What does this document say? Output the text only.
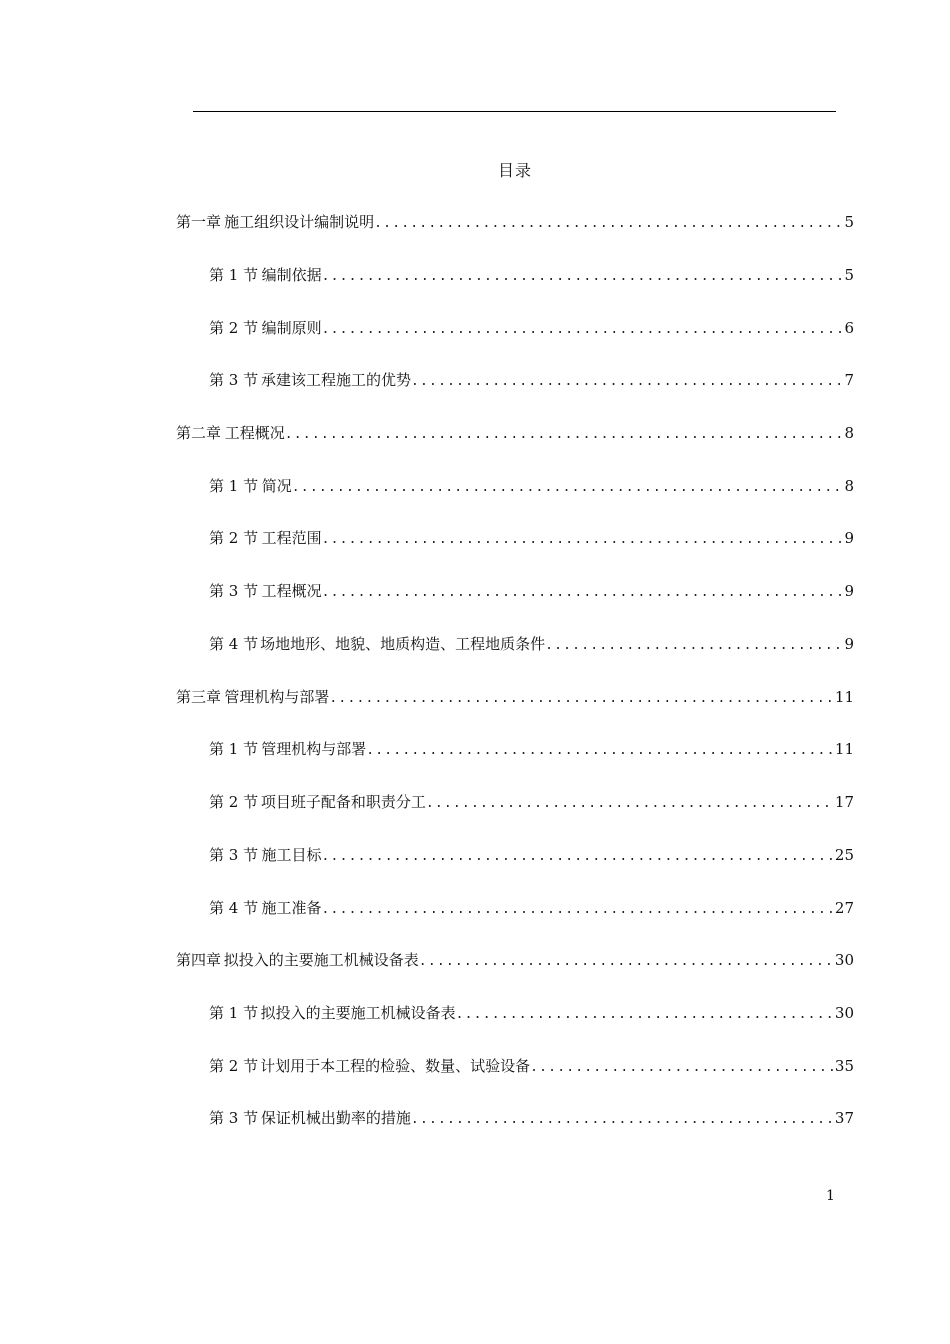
目录
第一章 施工组织设计编制说明 .....	5
第 1 节 编制依据 .....	5
第 2 节 编制原则 .....	6
第 3 节 承建该工程施工的优势 .....	7
第二章 工程概况 .....	8
第 1 节 简况 .....	8
第 2 节 工程范围 .....	9
第 3 节 工程概况 .....	9
第 4 节 场地地形、地貌、地质构造、工程地质条件 .....	9
第三章 管理机构与部署 .....	11
第 1 节 管理机构与部署 .....	11
第 2 节 项目班子配备和职责分工 .....	17
第 3 节 施工目标 .....	25
第 4 节 施工准备 .....	27
第四章 拟投入的主要施工机械设备表 .....	30
第 1 节 拟投入的主要施工机械设备表 .....	30
第 2 节 计划用于本工程的检验、数量、试验设备 .....	35
第 3 节 保证机械出勤率的措施 .....	37
1
